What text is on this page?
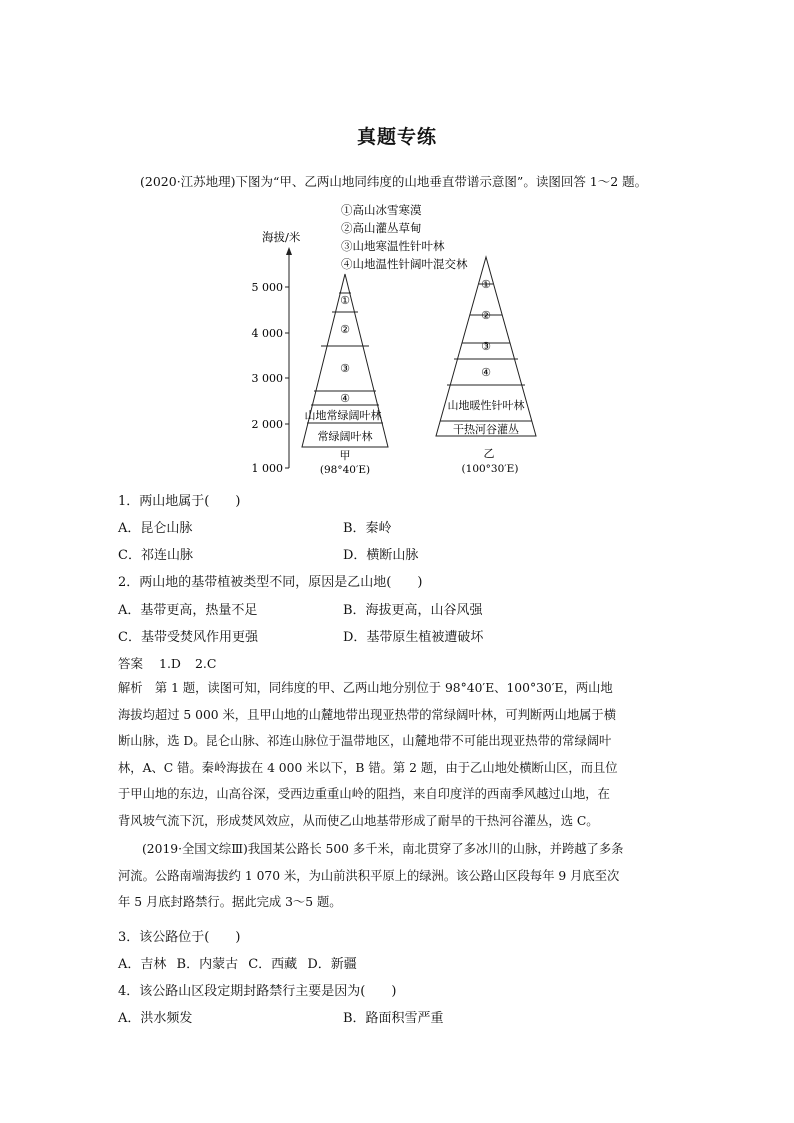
真题专练
(2020·江苏地理)下图为“甲、乙两山地同纬度的山地垂直带谱示意图”。读图回答 1～2 题。
①高山冰雪寒漠
②高山灌丛草甸
③山地寒温性针叶林
④山地温性针阔叶混交林
海拔/米
5 000
4 000
3 000
2 000
1 000
①
②
③
④
山地常绿阔叶林
常绿阔叶林
甲
(98°40′E)
①
②
③
④
山地暖性针叶林
干热河谷灌丛
乙
(100°30′E)
1．两山地属于(　　)
A．昆仑山脉	B．秦岭
C．祁连山脉	D．横断山脉
2．两山地的基带植被类型不同，原因是乙山地(　　)
A．基带更高，热量不足	B．海拔更高，山谷风强
C．基带受焚风作用更强	D．基带原生植被遭破坏
答案 1.D 2.C
解析　第 1 题，读图可知，同纬度的甲、乙两山地分别位于 98°40′E、100°30′E，两山地
海拔均超过 5 000 米，且甲山地的山麓地带出现亚热带的常绿阔叶林，可判断两山地属于横
断山脉，选 D。昆仑山脉、祁连山脉位于温带地区，山麓地带不可能出现亚热带的常绿阔叶
林，A、C 错。秦岭海拔在 4 000 米以下，B 错。第 2 题，由于乙山地处横断山区，而且位
于甲山地的东边，山高谷深，受西边重重山岭的阻挡，来自印度洋的西南季风越过山地，在
背风坡气流下沉，形成焚风效应，从而使乙山地基带形成了耐旱的干热河谷灌丛，选 C。
(2019·全国文综Ⅲ)我国某公路长 500 多千米，南北贯穿了多冰川的山脉，并跨越了多条
河流。公路南端海拔约 1 070 米，为山前洪积平原上的绿洲。该公路山区段每年 9 月底至次
年 5 月底封路禁行。据此完成 3～5 题。
3．该公路位于(　　)
A．吉林 B．内蒙古 C．西藏 D．新疆
4．该公路山区段定期封路禁行主要是因为(　　)
A．洪水频发	B．路面积雪严重
